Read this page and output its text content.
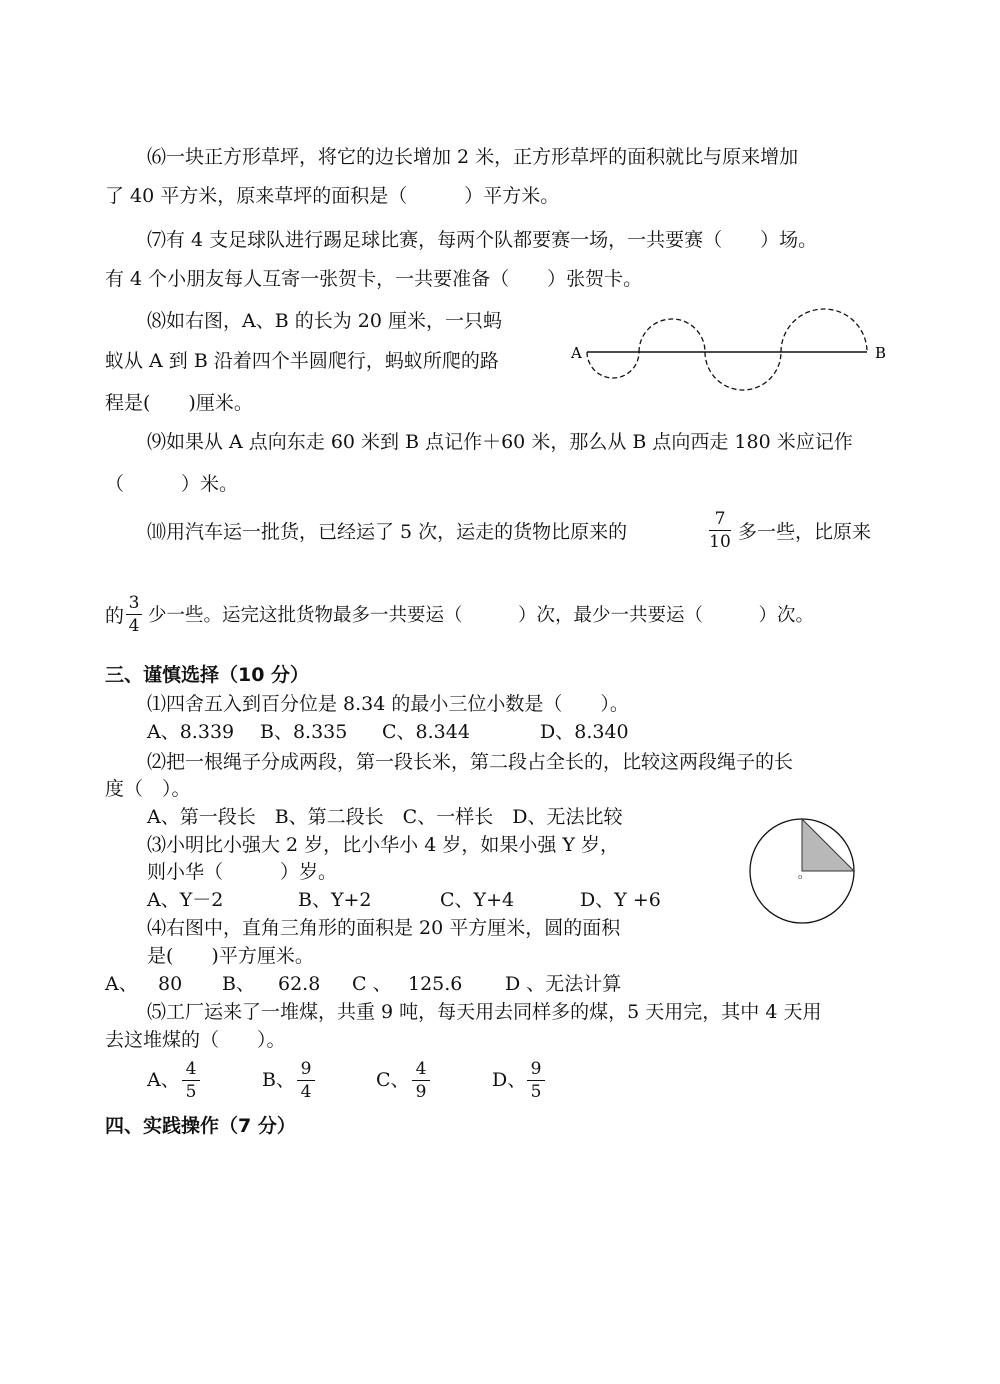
⑹一块正方形草坪，将它的边长增加 2 米，正方形草坪的面积就比与原来增加
了 40 平方米，原来草坪的面积是（　　　）平方米。
⑺有 4 支足球队进行踢足球比赛，每两个队都要赛一场，一共要赛（　　）场。
有 4 个小朋友每人互寄一张贺卡，一共要准备（　　）张贺卡。
⑻如右图，A、B 的长为 20 厘米，一只蚂
蚁从 A 到 B 沿着四个半圆爬行，蚂蚁所爬的路
程是(　　)厘米。
A	B
⑼如果从 A 点向东走 60 米到 B 点记作＋60 米，那么从 B 点向西走 180 米应记作
（　　　）米。
⑽用汽车运一批货，已经运了 5 次，运走的货物比原来的
7
10 多一些，比原来
的
3
4 少一些。运完这批货物最多一共要运（　　　）次，最少一共要运（　　　）次。
三、谨慎选择（10 分）
⑴四舍五入到百分位是 8.34 的最小三位小数是（　　）。
A、8.339 B、8.335 C、8.344	D、8.340
⑵把一根绳子分成两段，第一段长米，第二段占全长的，比较这两段绳子的长
度（　）。
A、第一段长　B、第二段长　C、一样长　D、无法比较
⑶小明比小强大 2 岁，比小华小 4 岁，如果小强 Y 岁，
则小华（　　　）岁。
A、Y－2	B、Y+2	C、Y+4	D、Y +6
o
⑷右图中，直角三角形的面积是 20 平方厘米，圆的面积
是(　　)平方厘米。
A、 80 B、 62.8 C 、 125.6 D 、无法计算
⑸工厂运来了一堆煤，共重 9 吨，每天用去同样多的煤，5 天用完，其中 4 天用
去这堆煤的（　　）。
A、 4
5
B、 9
4
C、 4
9
D、 9
5
四、实践操作（7 分）
